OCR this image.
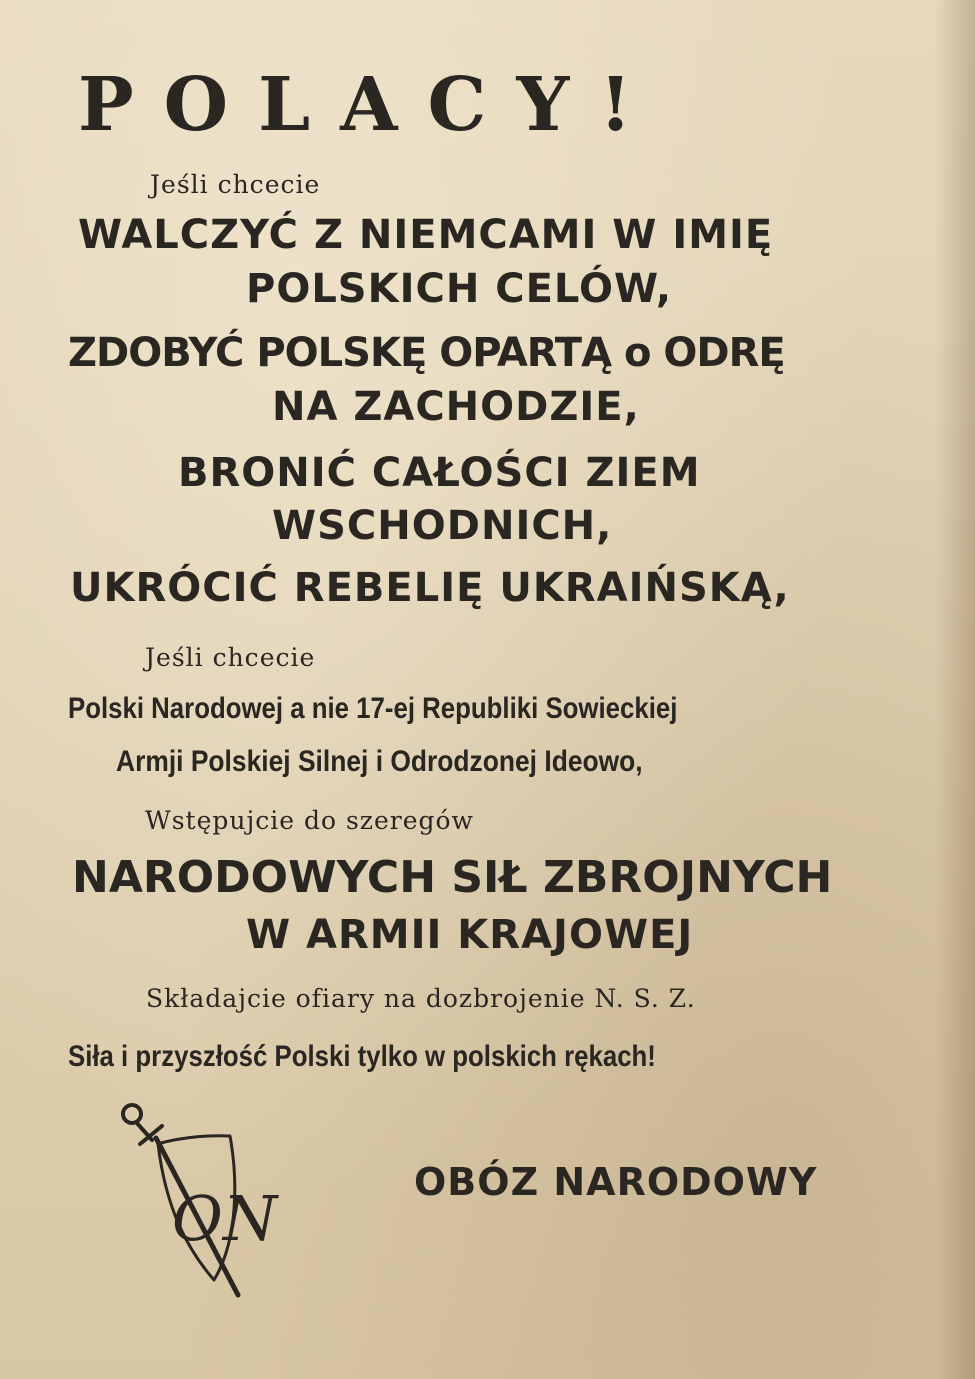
POLACY!
Jeśli chcecie
WALCZYĆ Z NIEMCAMI W IMIĘ
POLSKICH CELÓW,
ZDOBYĆ POLSKĘ OPARTĄ o ODRĘ
NA ZACHODZIE,
BRONIĆ CAŁOŚCI ZIEM
WSCHODNICH,
UKRÓCIĆ REBELIĘ UKRAIŃSKĄ,
Jeśli chcecie
Polski Narodowej a nie 17-ej Republiki Sowieckiej
Armji Polskiej Silnej i Odrodzonej Ideowo,
Wstępujcie do szeregów
NARODOWYCH SIŁ ZBROJNYCH
W ARMII KRAJOWEJ
Składajcie ofiary na dozbrojenie N. S. Z.
Siła i przyszłość Polski tylko w polskich rękach!
ON	OBÓZ NARODOWY
